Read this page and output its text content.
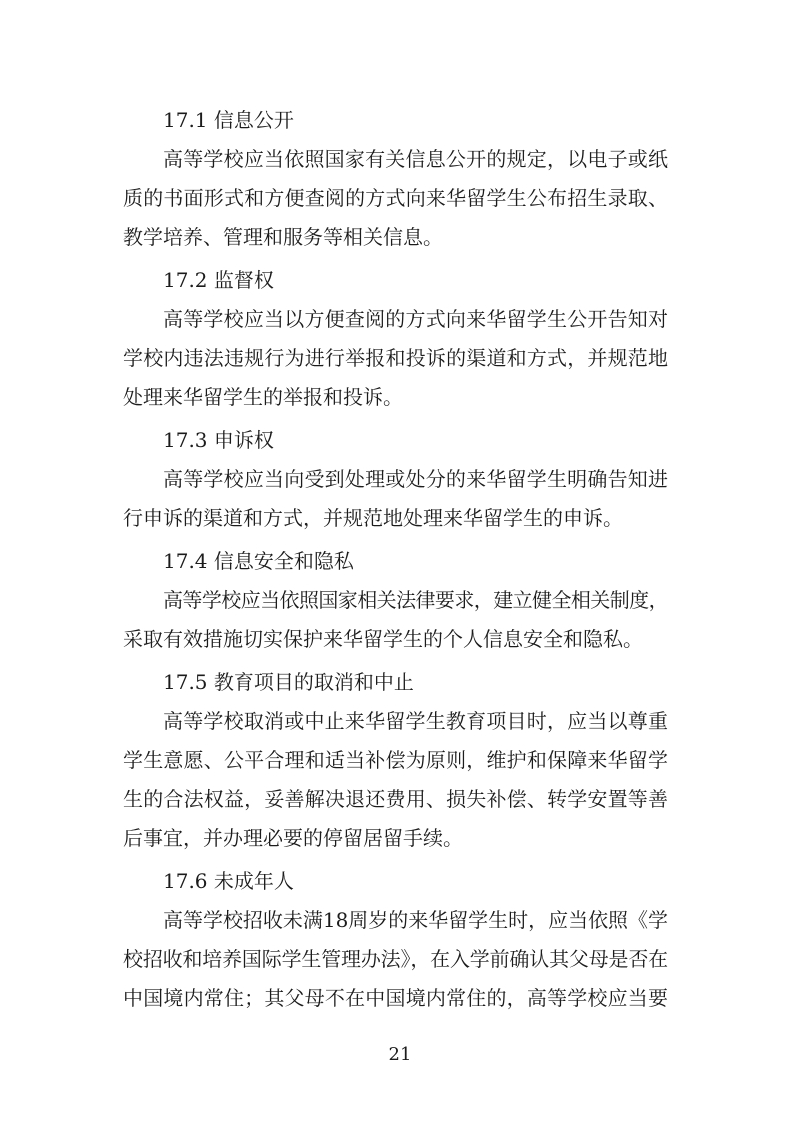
17.1 信息公开
高等学校应当依照国家有关信息公开的规定，以电子或纸
质的书面形式和方便查阅的方式向来华留学生公布招生录取、
教学培养、管理和服务等相关信息。
17.2 监督权
高等学校应当以方便查阅的方式向来华留学生公开告知对
学校内违法违规行为进行举报和投诉的渠道和方式，并规范地
处理来华留学生的举报和投诉。
17.3 申诉权
高等学校应当向受到处理或处分的来华留学生明确告知进
行申诉的渠道和方式，并规范地处理来华留学生的申诉。
17.4 信息安全和隐私
高等学校应当依照国家相关法律要求，建立健全相关制度，
采取有效措施切实保护来华留学生的个人信息安全和隐私。
17.5 教育项目的取消和中止
高等学校取消或中止来华留学生教育项目时，应当以尊重
学生意愿、公平合理和适当补偿为原则，维护和保障来华留学
生的合法权益，妥善解决退还费用、损失补偿、转学安置等善
后事宜，并办理必要的停留居留手续。
17.6 未成年人
高等学校招收未满18周岁的来华留学生时，应当依照《学
校招收和培养国际学生管理办法》，在入学前确认其父母是否在
中国境内常住；其父母不在中国境内常住的，高等学校应当要
21
